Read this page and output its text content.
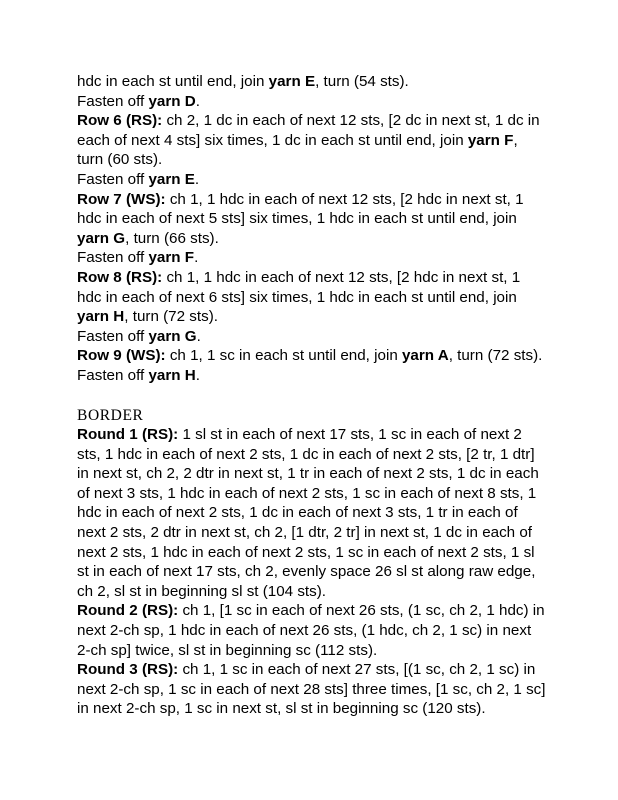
hdc in each st until end, join yarn E, turn (54 sts).

Fasten off yarn D.

Row 6 (RS): ch 2, 1 dc in each of next 12 sts, [2 dc in next st, 1 dc in each of next 4 sts] six times, 1 dc in each st until end, join yarn F, turn (60 sts).

Fasten off yarn E.

Row 7 (WS): ch 1, 1 hdc in each of next 12 sts, [2 hdc in next st, 1 hdc in each of next 5 sts] six times, 1 hdc in each st until end, join yarn G, turn (66 sts).

Fasten off yarn F.

Row 8 (RS): ch 1, 1 hdc in each of next 12 sts, [2 hdc in next st, 1 hdc in each of next 6 sts] six times, 1 hdc in each st until end, join yarn H, turn (72 sts).

Fasten off yarn G.

Row 9 (WS): ch 1, 1 sc in each st until end, join yarn A, turn (72 sts).

Fasten off yarn H.

BORDER

Round 1 (RS): 1 sl st in each of next 17 sts, 1 sc in each of next 2 sts, 1 hdc in each of next 2 sts, 1 dc in each of next 2 sts, [2 tr, 1 dtr] in next st, ch 2, 2 dtr in next st, 1 tr in each of next 2 sts, 1 dc in each of next 3 sts, 1 hdc in each of next 2 sts, 1 sc in each of next 8 sts, 1 hdc in each of next 2 sts, 1 dc in each of next 3 sts, 1 tr in each of next 2 sts, 2 dtr in next st, ch 2, [1 dtr, 2 tr] in next st, 1 dc in each of next 2 sts, 1 hdc in each of next 2 sts, 1 sc in each of next 2 sts, 1 sl st in each of next 17 sts, ch 2, evenly space 26 sl st along raw edge, ch 2, sl st in beginning sl st (104 sts).

Round 2 (RS): ch 1, [1 sc in each of next 26 sts, (1 sc, ch 2, 1 hdc) in next 2-ch sp, 1 hdc in each of next 26 sts, (1 hdc, ch 2, 1 sc) in next 2-ch sp] twice, sl st in beginning sc (112 sts).

Round 3 (RS): ch 1, 1 sc in each of next 27 sts, [(1 sc, ch 2, 1 sc) in next 2-ch sp, 1 sc in each of next 28 sts] three times, [1 sc, ch 2, 1 sc] in next 2-ch sp, 1 sc in next st, sl st in beginning sc (120 sts).
